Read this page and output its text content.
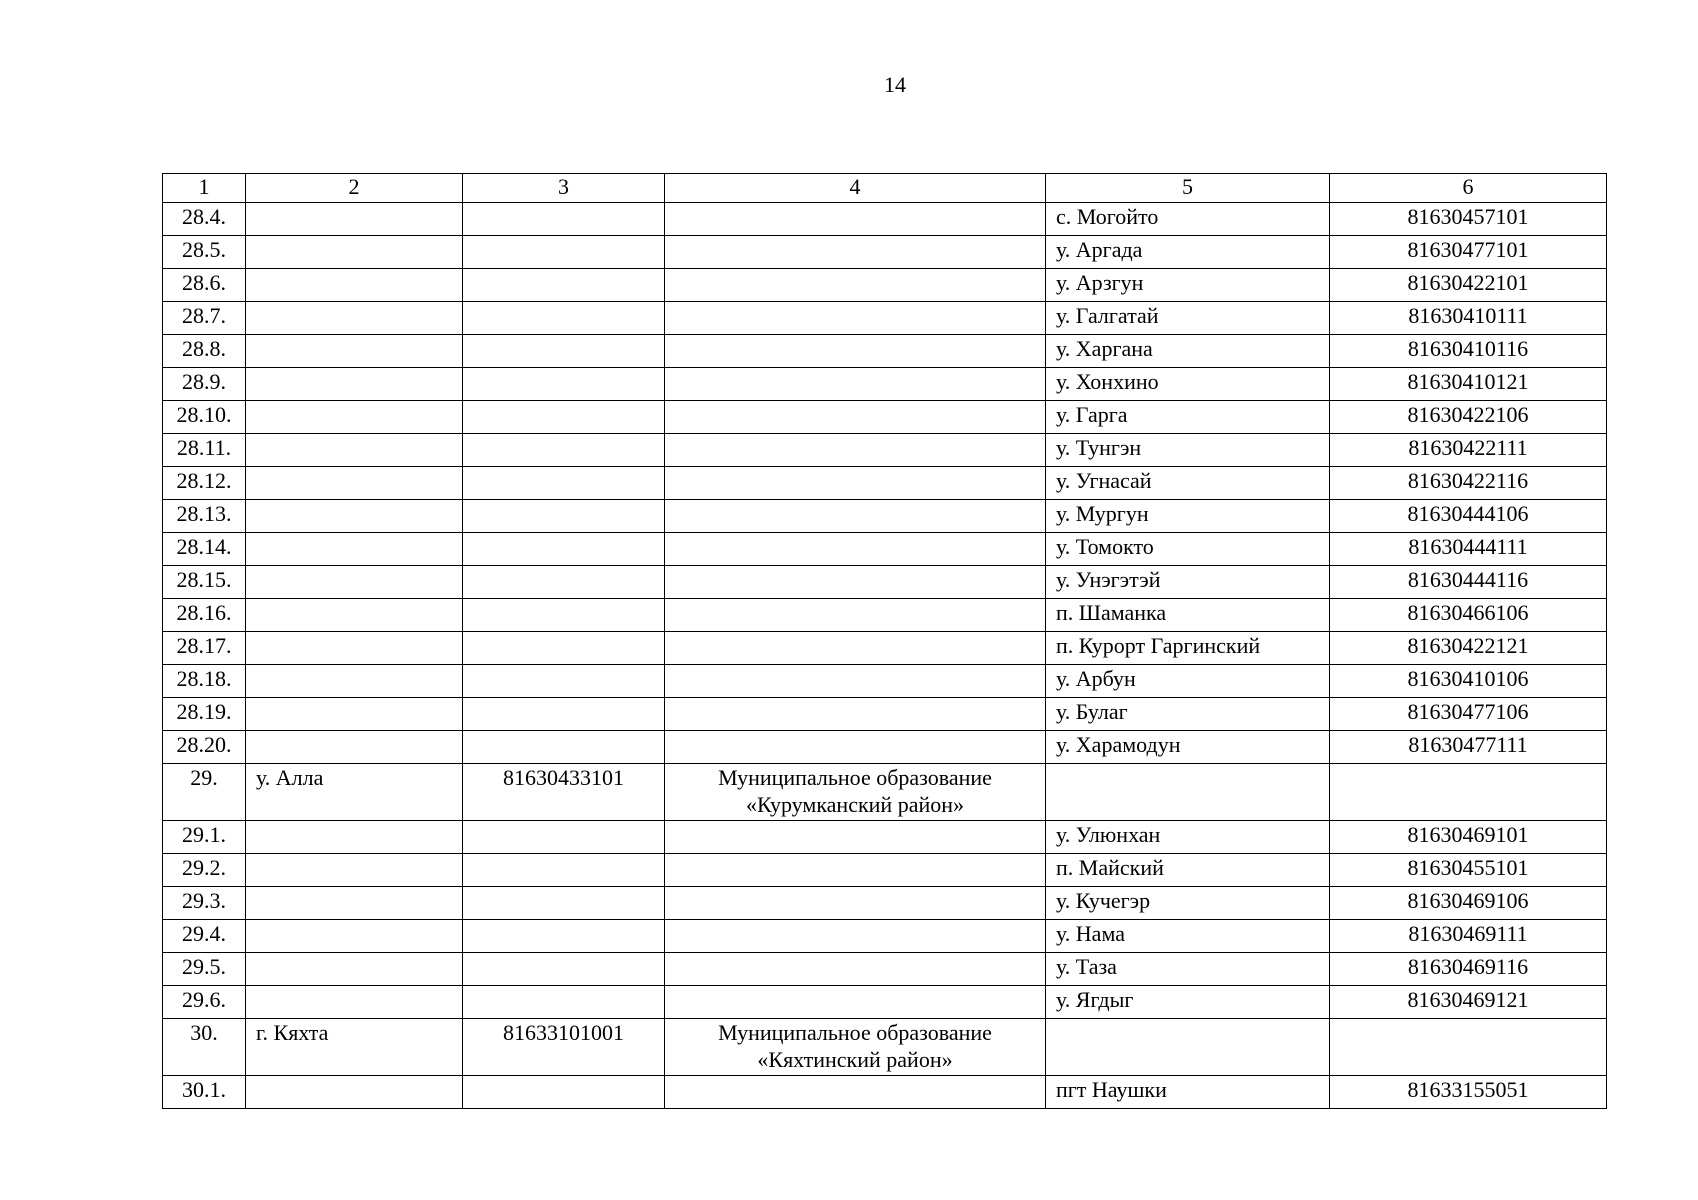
14
1	2	3	4	5	6
28.4.				с. Могойто	81630457101
28.5.				у. Аргада	81630477101
28.6.				у. Арзгун	81630422101
28.7.				у. Галгатай	81630410111
28.8.				у. Харгана	81630410116
28.9.				у. Хонхино	81630410121
28.10.				у. Гарга	81630422106
28.11.				у. Тунгэн	81630422111
28.12.				у. Угнасай	81630422116
28.13.				у. Мургун	81630444106
28.14.				у. Томокто	81630444111
28.15.				у. Унэгэтэй	81630444116
28.16.				п. Шаманка	81630466106
28.17.				п. Курорт Гаргинский	81630422121
28.18.				у. Арбун	81630410106
28.19.				у. Булаг	81630477106
28.20.				у. Харамодун	81630477111
29.	у. Алла	81630433101	Муниципальное образование «Курумканский район»		
29.1.				у. Улюнхан	81630469101
29.2.				п. Майский	81630455101
29.3.				у. Кучегэр	81630469106
29.4.				у. Нама	81630469111
29.5.				у. Таза	81630469116
29.6.				у. Ягдыг	81630469121
30.	г. Кяхта	81633101001	Муниципальное образование «Кяхтинский район»		
30.1.				пгт Наушки	81633155051
